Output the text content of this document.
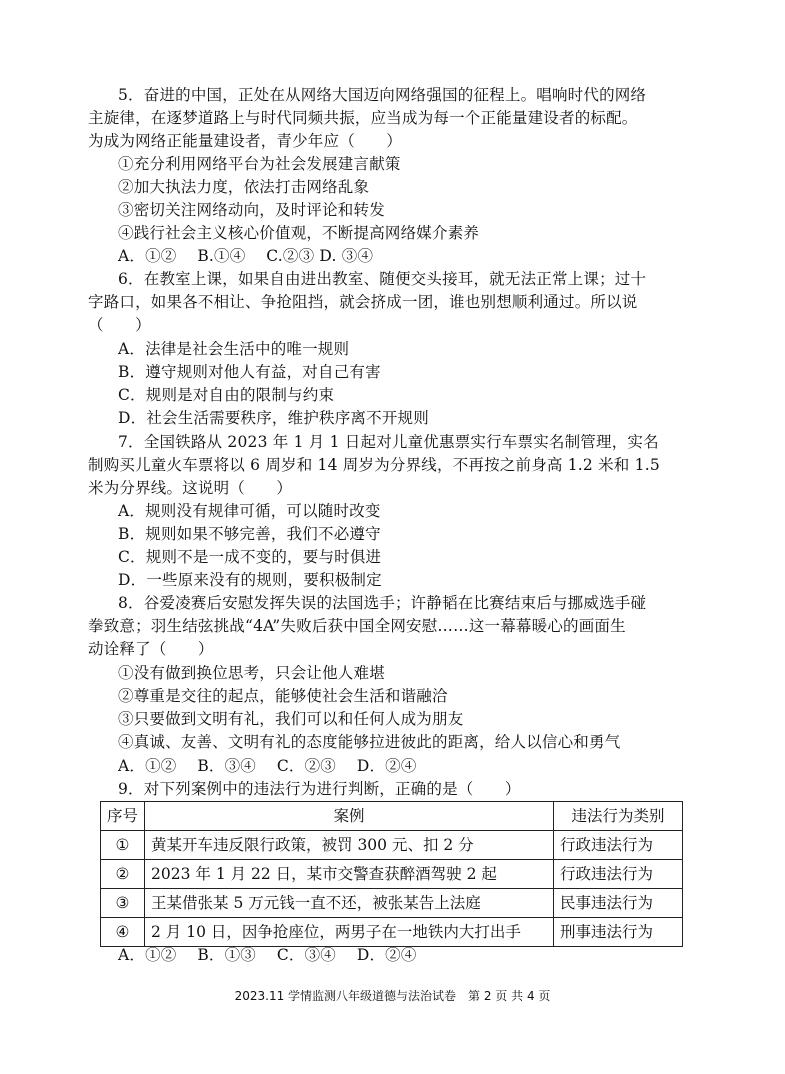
5．奋进的中国，正处在从网络大国迈向网络强国的征程上。唱响时代的网络
主旋律，在逐梦道路上与时代同频共振，应当成为每一个正能量建设者的标配。
为成为网络正能量建设者，青少年应（　　）
①充分利用网络平台为社会发展建言献策
②加大执法力度，依法打击网络乱象
③密切关注网络动向，及时评论和转发
④践行社会主义核心价值观，不断提高网络媒介素养
A．①②　 B.①④　 C.②③ D. ③④
6．在教室上课，如果自由进出教室、随便交头接耳，就无法正常上课；过十
字路口，如果各不相让、争抢阻挡，就会挤成一团，谁也别想顺利通过。所以说
（　　）
A．法律是社会生活中的唯一规则
B．遵守规则对他人有益，对自己有害
C．规则是对自由的限制与约束
D．社会生活需要秩序，维护秩序离不开规则
7．全国铁路从 2023 年 1 月 1 日起对儿童优惠票实行车票实名制管理，实名
制购买儿童火车票将以 6 周岁和 14 周岁为分界线，不再按之前身高 1.2 米和 1.5
米为分界线。这说明（　　）
A．规则没有规律可循，可以随时改变
B．规则如果不够完善，我们不必遵守
C．规则不是一成不变的，要与时俱进
D．一些原来没有的规则，要积极制定
8．谷爱凌赛后安慰发挥失误的法国选手；许静韬在比赛结束后与挪威选手碰
拳致意；羽生结弦挑战“4A”失败后获中国全网安慰……这一幕幕暖心的画面生
动诠释了（　　）
①没有做到换位思考，只会让他人难堪
②尊重是交往的起点，能够使社会生活和谐融洽
③只要做到文明有礼，我们可以和任何人成为朋友
④真诚、友善、文明有礼的态度能够拉进彼此的距离，给人以信心和勇气
A．①②　 B．③④　 C．②③　 D．②④
9．对下列案例中的违法行为进行判断，正确的是（　　）
序号	案例	违法行为类别
①	黄某开车违反限行政策，被罚 300 元、扣 2 分	行政违法行为
②	2023 年 1 月 22 日，某市交警查获醉酒驾驶 2 起	行政违法行为
③	王某借张某 5 万元钱一直不还，被张某告上法庭	民事违法行为
④	2 月 10 日，因争抢座位，两男子在一地铁内大打出手	刑事违法行为
A．①②　 B．①③　 C．③④　 D．②④
2023.11 学情监测八年级道德与法治试卷　第 2 页 共 4 页
